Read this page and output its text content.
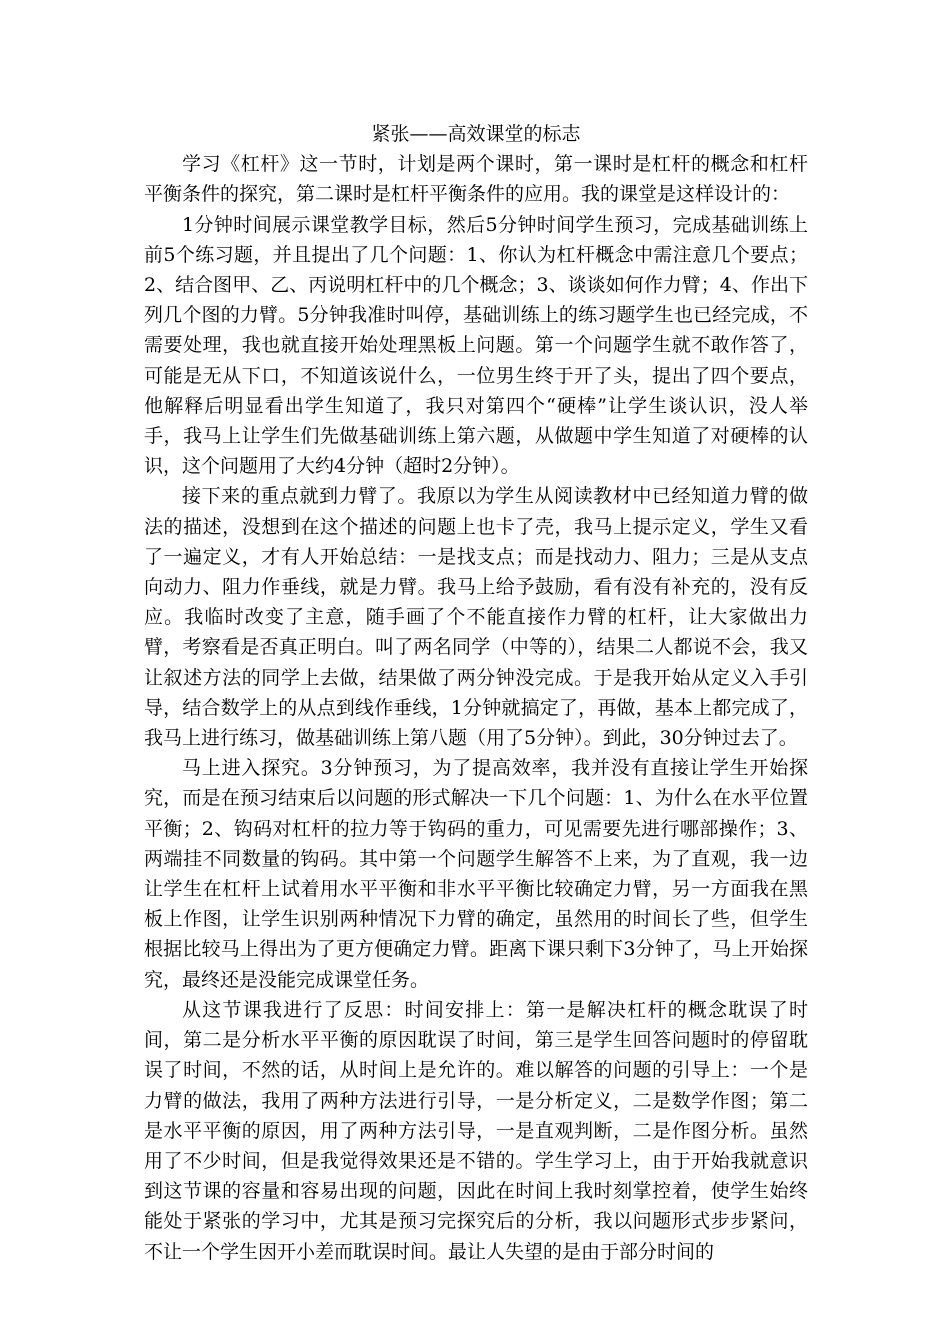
紧张——高效课堂的标志

学习《杠杆》这一节时，计划是两个课时，第一课时是杠杆的概念和杠杆平衡条件的探究，第二课时是杠杆平衡条件的应用。我的课堂是这样设计的：

1分钟时间展示课堂教学目标，然后5分钟时间学生预习，完成基础训练上前5个练习题，并且提出了几个问题：1、你认为杠杆概念中需注意几个要点；2、结合图甲、乙、丙说明杠杆中的几个概念；3、谈谈如何作力臂；4、作出下列几个图的力臂。5分钟我准时叫停，基础训练上的练习题学生也已经完成，不需要处理，我也就直接开始处理黑板上问题。第一个问题学生就不敢作答了，可能是无从下口，不知道该说什么，一位男生终于开了头，提出了四个要点，他解释后明显看出学生知道了，我只对第四个“硬棒”让学生谈认识，没人举手，我马上让学生们先做基础训练上第六题，从做题中学生知道了对硬棒的认识，这个问题用了大约4分钟（超时2分钟）。

接下来的重点就到力臂了。我原以为学生从阅读教材中已经知道力臂的做法的描述，没想到在这个描述的问题上也卡了壳，我马上提示定义，学生又看了一遍定义，才有人开始总结：一是找支点；而是找动力、阻力；三是从支点向动力、阻力作垂线，就是力臂。我马上给予鼓励，看有没有补充的，没有反应。我临时改变了主意，随手画了个不能直接作力臂的杠杆，让大家做出力臂，考察看是否真正明白。叫了两名同学（中等的），结果二人都说不会，我又让叙述方法的同学上去做，结果做了两分钟没完成。于是我开始从定义入手引导，结合数学上的从点到线作垂线，1分钟就搞定了，再做，基本上都完成了，我马上进行练习，做基础训练上第八题（用了5分钟）。到此，30分钟过去了。

马上进入探究。3分钟预习，为了提高效率，我并没有直接让学生开始探究，而是在预习结束后以问题的形式解决一下几个问题：1、为什么在水平位置平衡；2、钩码对杠杆的拉力等于钩码的重力，可见需要先进行哪部操作；3、两端挂不同数量的钩码。其中第一个问题学生解答不上来，为了直观，我一边让学生在杠杆上试着用水平平衡和非水平平衡比较确定力臂，另一方面我在黑板上作图，让学生识别两种情况下力臂的确定，虽然用的时间长了些，但学生根据比较马上得出为了更方便确定力臂。距离下课只剩下3分钟了，马上开始探究，最终还是没能完成课堂任务。

从这节课我进行了反思：时间安排上：第一是解决杠杆的概念耽误了时间，第二是分析水平平衡的原因耽误了时间，第三是学生回答问题时的停留耽误了时间，不然的话，从时间上是允许的。难以解答的问题的引导上：一个是力臂的做法，我用了两种方法进行引导，一是分析定义，二是数学作图；第二是水平平衡的原因，用了两种方法引导，一是直观判断，二是作图分析。虽然用了不少时间，但是我觉得效果还是不错的。学生学习上，由于开始我就意识到这节课的容量和容易出现的问题，因此在时间上我时刻掌控着，使学生始终能处于紧张的学习中，尤其是预习完探究后的分析，我以问题形式步步紧问，不让一个学生因开小差而耽误时间。最让人失望的是由于部分时间的
